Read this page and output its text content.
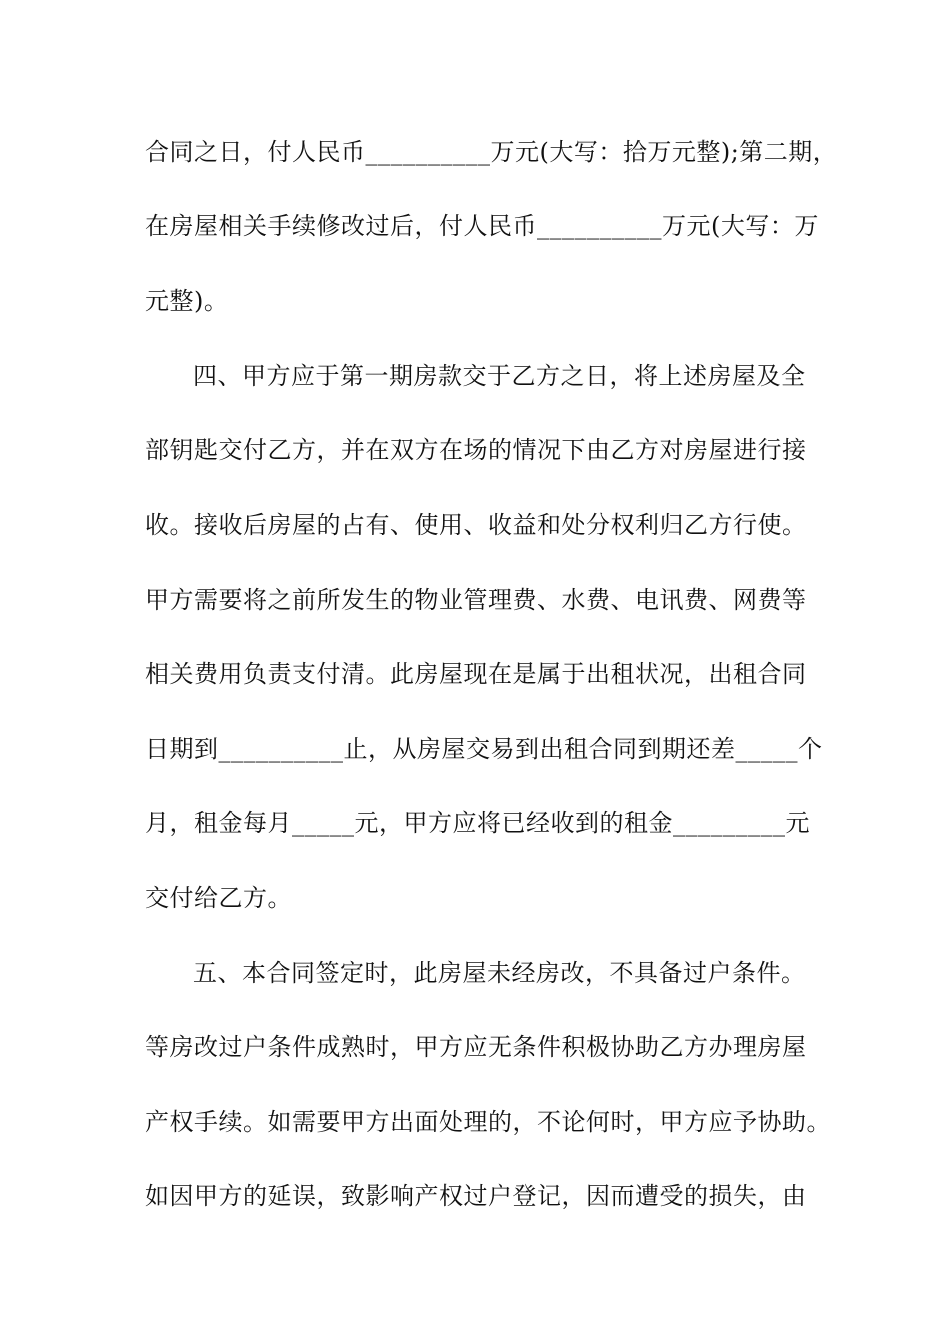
合同之日，付人民币__________万元(大写：拾万元整);第二期，
在房屋相关手续修改过后，付人民币__________万元(大写：万
元整)。
四、甲方应于第一期房款交于乙方之日，将上述房屋及全
部钥匙交付乙方，并在双方在场的情况下由乙方对房屋进行接
收。接收后房屋的占有、使用、收益和处分权利归乙方行使。
甲方需要将之前所发生的物业管理费、水费、电讯费、网费等
相关费用负责支付清。此房屋现在是属于出租状况，出租合同
日期到__________止，从房屋交易到出租合同到期还差_____个
月，租金每月_____元，甲方应将已经收到的租金_________元
交付给乙方。
五、本合同签定时，此房屋未经房改，不具备过户条件。
等房改过户条件成熟时，甲方应无条件积极协助乙方办理房屋
产权手续。如需要甲方出面处理的，不论何时，甲方应予协助。
如因甲方的延误，致影响产权过户登记，因而遭受的损失，由
